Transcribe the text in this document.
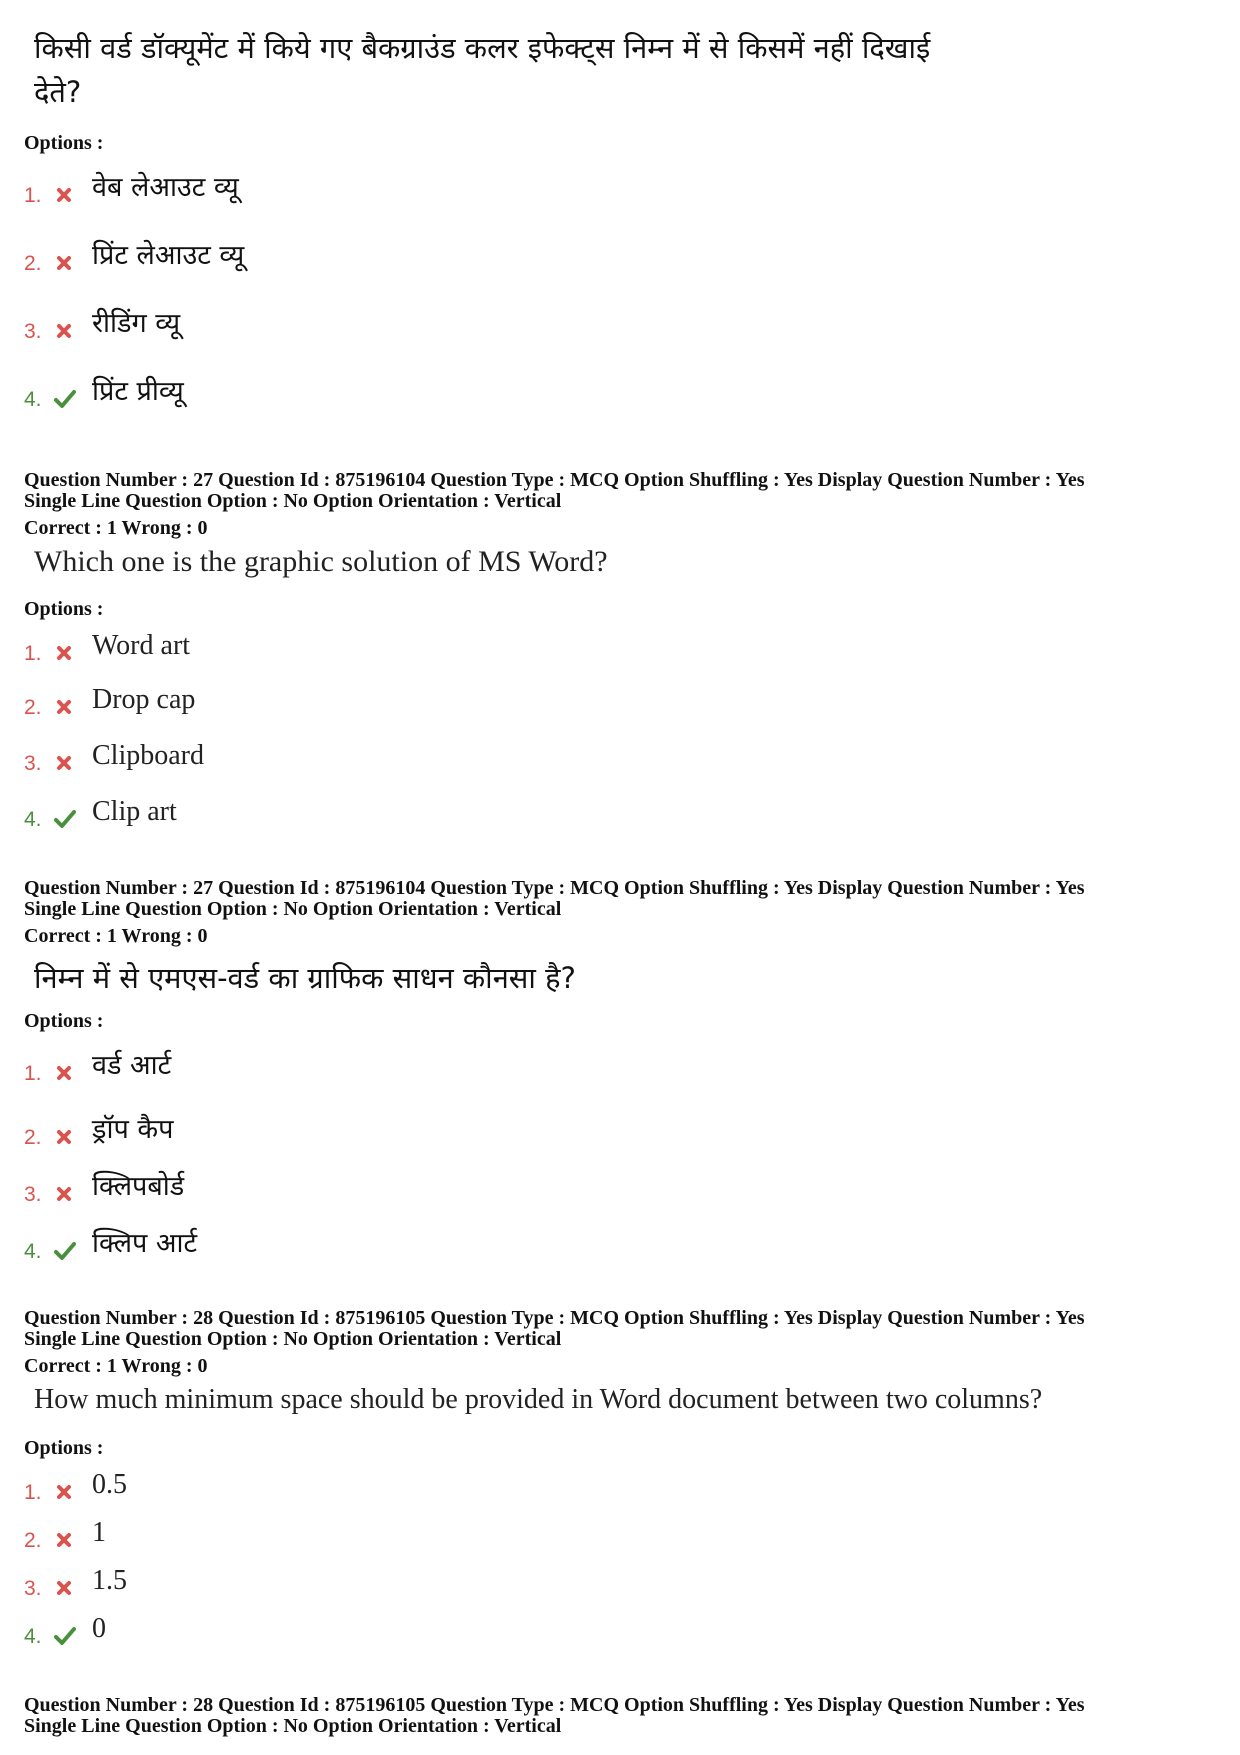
किसी वर्ड डॉक्यूमेंट में किये गए बैकग्राउंड कलर इफेक्ट्स निम्न में से किसमें नहीं दिखाई
देते?
Options :
1. वेब लेआउट व्यू
2. प्रिंट लेआउट व्यू
3. रीडिंग व्यू
4. प्रिंट प्रीव्यू
Question Number : 27 Question Id : 875196104 Question Type : MCQ Option Shuffling : Yes Display Question Number : Yes
Single Line Question Option : No Option Orientation : Vertical
Correct : 1 Wrong : 0
Which one is the graphic solution of MS Word?
Options :
1. Word art
2. Drop cap
3. Clipboard
4. Clip art
Question Number : 27 Question Id : 875196104 Question Type : MCQ Option Shuffling : Yes Display Question Number : Yes
Single Line Question Option : No Option Orientation : Vertical
Correct : 1 Wrong : 0
निम्न में से एमएस-वर्ड का ग्राफिक साधन कौनसा है?
Options :
1. वर्ड आर्ट
2. ड्रॉप कैप
3. क्लिपबोर्ड
4. क्लिप आर्ट
Question Number : 28 Question Id : 875196105 Question Type : MCQ Option Shuffling : Yes Display Question Number : Yes
Single Line Question Option : No Option Orientation : Vertical
Correct : 1 Wrong : 0
How much minimum space should be provided in Word document between two columns?
Options :
1. 0.5
2. 1
3. 1.5
4. 0
Question Number : 28 Question Id : 875196105 Question Type : MCQ Option Shuffling : Yes Display Question Number : Yes
Single Line Question Option : No Option Orientation : Vertical
